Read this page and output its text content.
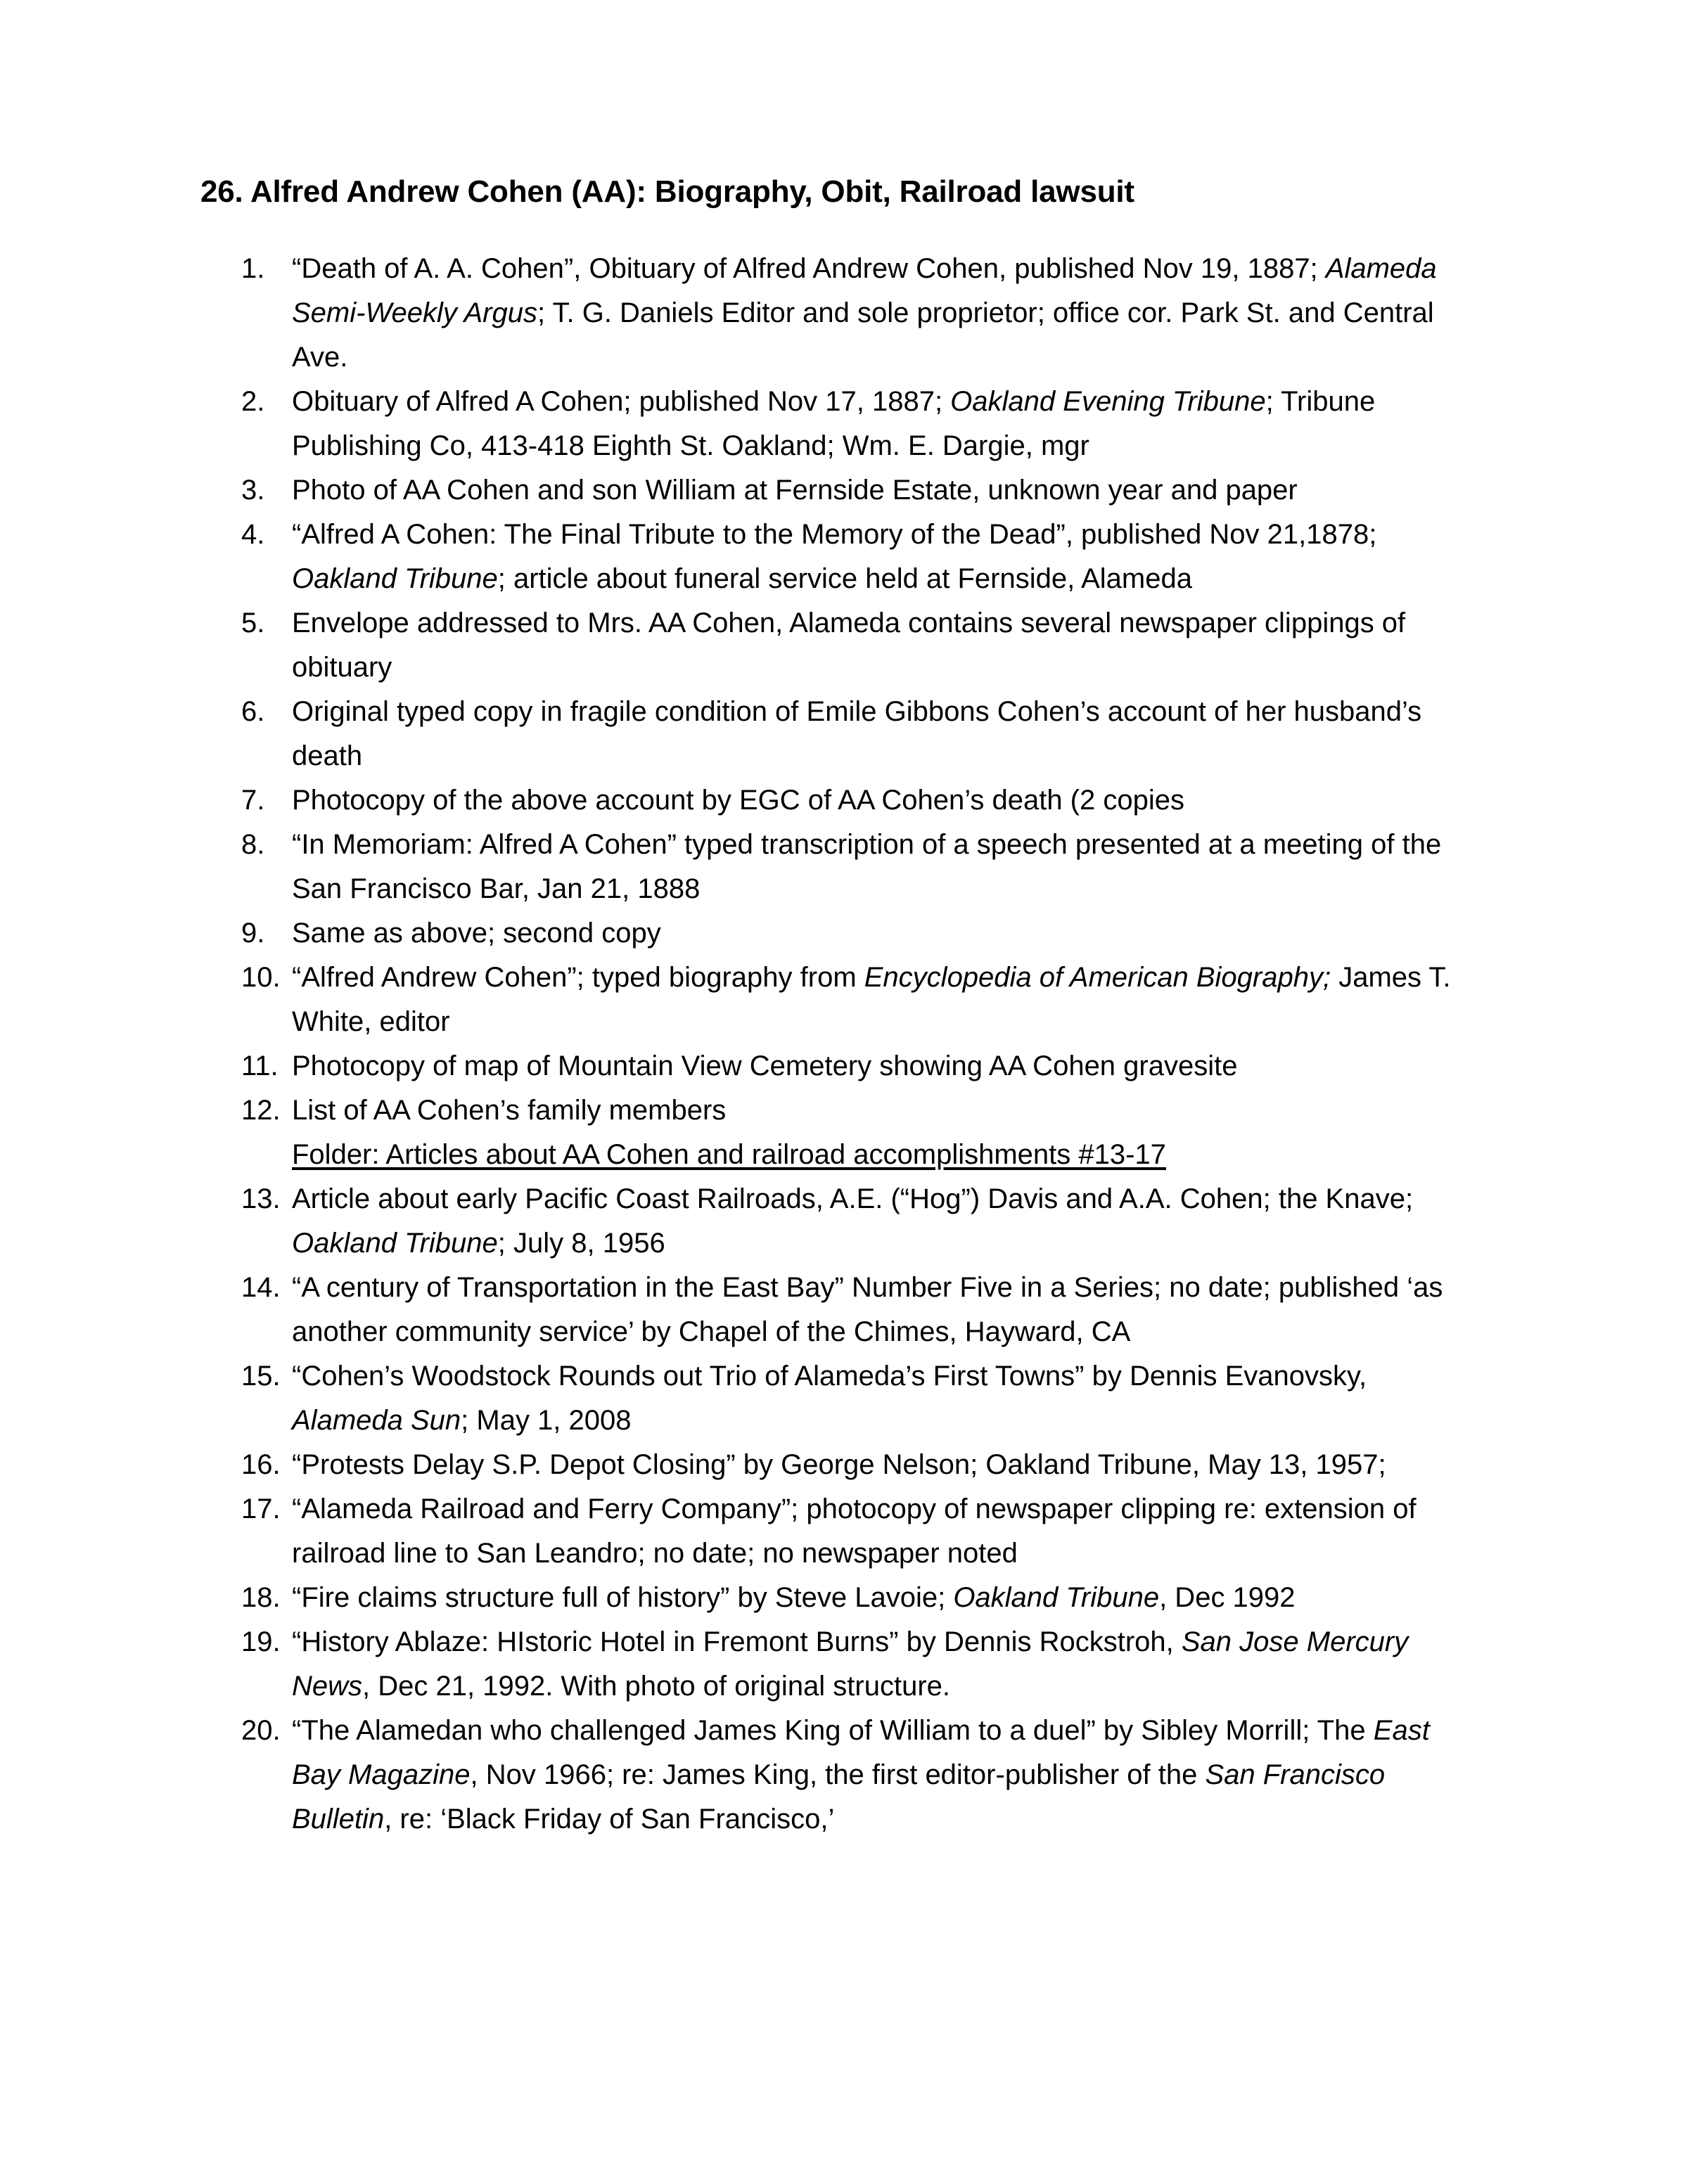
26. Alfred Andrew Cohen (AA): Biography, Obit, Railroad lawsuit
1. “Death of A. A. Cohen”, Obituary of Alfred Andrew Cohen, published Nov 19, 1887; Alameda Semi-Weekly Argus; T. G. Daniels Editor and sole proprietor; office cor. Park St. and Central Ave.
2. Obituary of Alfred A Cohen; published Nov 17, 1887; Oakland Evening Tribune; Tribune Publishing Co, 413-418 Eighth St. Oakland; Wm. E. Dargie, mgr
3. Photo of AA Cohen and son William at Fernside Estate, unknown year and paper
4. “Alfred A Cohen: The Final Tribute to the Memory of the Dead”, published Nov 21,1878; Oakland Tribune; article about funeral service held at Fernside, Alameda
5. Envelope addressed to Mrs. AA Cohen, Alameda contains several newspaper clippings of obituary
6. Original typed copy in fragile condition of Emile Gibbons Cohen’s account of her husband’s death
7. Photocopy of the above account by EGC of AA Cohen’s death (2 copies
8. “In Memoriam: Alfred A Cohen” typed transcription of a speech presented at a meeting of the San Francisco Bar, Jan 21, 1888
9. Same as above; second copy
10. “Alfred Andrew Cohen”; typed biography from Encyclopedia of American Biography; James T. White, editor
11. Photocopy of map of Mountain View Cemetery showing AA Cohen gravesite
12. List of AA Cohen’s family members
Folder: Articles about AA Cohen and railroad accomplishments #13-17
13. Article about early Pacific Coast Railroads, A.E. (“Hog”) Davis and A.A. Cohen; the Knave; Oakland Tribune; July 8, 1956
14. “A century of Transportation in the East Bay” Number Five in a Series; no date; published ‘as another community service’ by Chapel of the Chimes, Hayward, CA
15. “Cohen’s Woodstock Rounds out Trio of Alameda’s First Towns” by Dennis Evanovsky, Alameda Sun; May 1, 2008
16. “Protests Delay S.P. Depot Closing” by George Nelson; Oakland Tribune, May 13, 1957;
17. “Alameda Railroad and Ferry Company”; photocopy of newspaper clipping re: extension of railroad line to San Leandro; no date; no newspaper noted
18. “Fire claims structure full of history” by Steve Lavoie; Oakland Tribune, Dec 1992
19. “History Ablaze: HIstoric Hotel in Fremont Burns” by Dennis Rockstroh, San Jose Mercury News, Dec 21, 1992. With photo of original structure.
20. “The Alamedan who challenged James King of William to a duel” by Sibley Morrill; The East Bay Magazine, Nov 1966; re: James King, the first editor-publisher of the San Francisco Bulletin, re: ‘Black Friday of San Francisco,’
